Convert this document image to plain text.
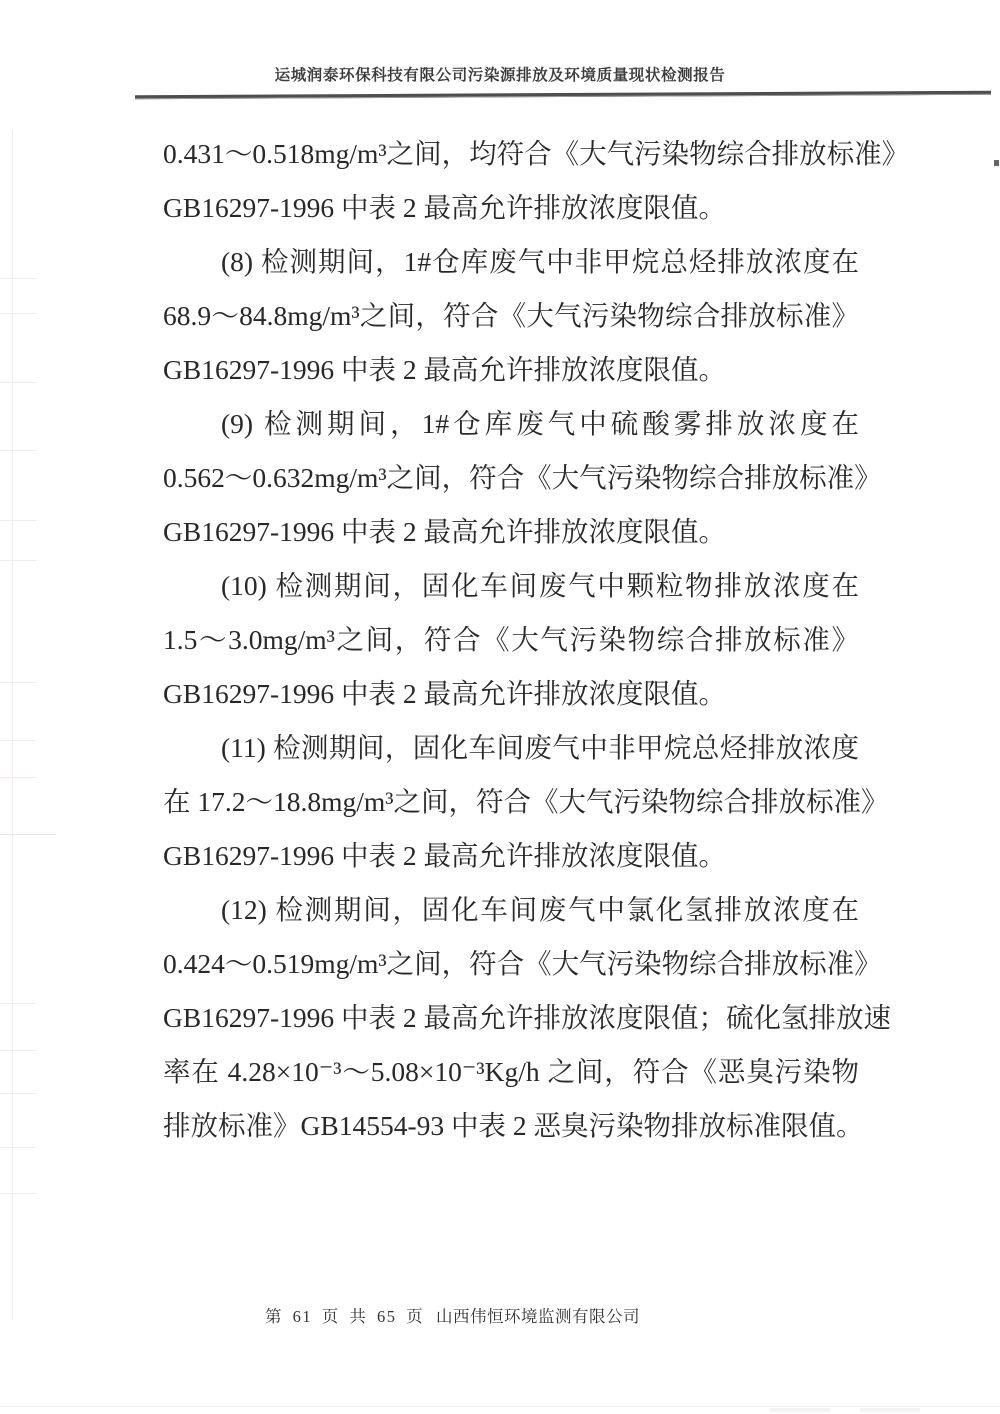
运城润泰环保科技有限公司污染源排放及环境质量现状检测报告
0.431～0.518mg/m³之间，均符合《大气污染物综合排放标准》
GB16297-1996 中表 2 最高允许排放浓度限值。
(8) 检测期间，1#仓库废气中非甲烷总烃排放浓度在
68.9～84.8mg/m³之间，符合《大气污染物综合排放标准》
GB16297-1996 中表 2 最高允许排放浓度限值。
(9) 检测期间，1#仓库废气中硫酸雾排放浓度在
0.562～0.632mg/m³之间，符合《大气污染物综合排放标准》
GB16297-1996 中表 2 最高允许排放浓度限值。
(10) 检测期间，固化车间废气中颗粒物排放浓度在
1.5～3.0mg/m³之间，符合《大气污染物综合排放标准》
GB16297-1996 中表 2 最高允许排放浓度限值。
(11) 检测期间，固化车间废气中非甲烷总烃排放浓度
在 17.2～18.8mg/m³之间，符合《大气污染物综合排放标准》
GB16297-1996 中表 2 最高允许排放浓度限值。
(12) 检测期间，固化车间废气中氯化氢排放浓度在
0.424～0.519mg/m³之间，符合《大气污染物综合排放标准》
GB16297-1996 中表 2 最高允许排放浓度限值；硫化氢排放速
率在 4.28×10⁻³～5.08×10⁻³Kg/h 之间，符合《恶臭污染物
排放标准》GB14554-93 中表 2 恶臭污染物排放标准限值。
第 61 页 共 65 页 山西伟恒环境监测有限公司
